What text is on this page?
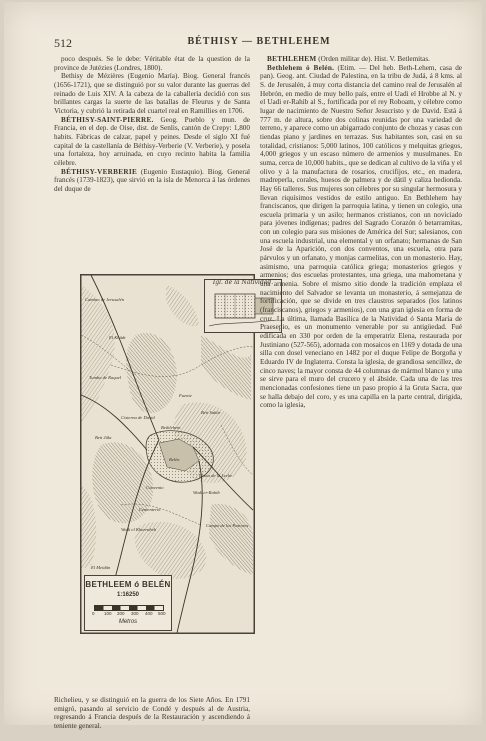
512	BÉTHISY — BETHLEHEM

poco después. Se le debe: Véritable état de la question de la province de Jutézies (Londres, 1800).

Bethisy de Mézières (Eugenio María). Biog. General francés (1656-1721), que se distinguió por su valor durante las guerras del reinado de Luis XIV. A la cabeza de la caballería decidió con sus brillantes cargas la suerte de las batallas de Fleurus y de Santa Victoria, y cubrió la retirada del cuartel real en Ramillies en 1706.

BÉTHISY-SAINT-PIERRE. Geog. Pueblo y mun. de Francia, en el dep. de Oise, dist. de Senlis, cantón de Crepy: 1,800 habits. Fábricas de calzar, papel y peines. Desde el siglo XI fué capital de la castellanía de Béthisy-Verberie (V. Verberie), y posela una fortaleza, hoy arruinada, en cuyo recinto habita la familia célebre.

BÉTHISY-VERBERIE (Eugenio Eustaquio). Biog. General francés (1739-1823), que sirvió en la isla de Menorca á las órdenes del duque de

Camino de Jerusalén
Tumba de Raquel
El Khâdr
Bethlehem
Beit Sahûr
Belén
El Meidân
Campo de los Pastores
Wadi er-Rahib
Beit Jâla
Cisterna de David
Gruta de la Leche
Convento
Fuente
Wadi el Kharrubeh
Cementerio
Igl. de la Natividad.
BETHLEEM ó BELÉN
1:16250
0 100 200 300 400 500
Metros

Richelieu, y se distinguió en la guerra de los Siete Años. En 1791 emigró, pasando al servicio de Condé y después al de Austria, regresando á Francia después de la Restauración y ascendiendo á teniente general.

BETHLEHEM (Orden militar de). Hist. V. Betlemitas.

Bethlehem ó Belén. (Etim. — Del heb. Beth-Lehem, casa de pan). Geog. ant. Ciudad de Palestina, en la tribu de Judá, á 8 kms. al S. de Jerusalén, á muy corta distancia del camino real de Jerusalén al Hebrón, en medio de muy bello país, entre el Uadi el Hrobbe al N. y el Uadi er-Rahib al S., fortificada por el rey Roboam, y célebre como lugar de nacimiento de Nuestro Señor Jesucristo y de David. Está á 777 m. de altura, sobre dos colinas reunidas por una variedad de terreno, y aparece como un abigarrado conjunto de chozas y casas con tiendas piano y jardines en terrazas. Sus habitantes son, casi en su totalidad, cristianos: 5,000 latinos, 100 católicos y melquitas griegos, 4,000 griegos y un escaso número de armenios y musulmanes. En suma, cerca de 10,000 habits., que se dedican al cultivo de la viña y el olivo y á la manufactura de rosarios, crucifijos, etc., en madera, madreperla, corales, huesos de palmera y de dátil y caliza hedionda. Hay 66 talleres. Sus mujeres son célebres por su singular hermosura y llevan riquísimos vestidos de estilo antiguo. En Bethlehem hay franciscanos, que dirigen la parroquia latina, y tienen un colegio, una escuela primaria y un asilo; hermanos cristianos, con un noviciado para jóvenes indígenas; padres del Sagrado Corazón ó betarramitas, con un colegio para sus misiones de América del Sur; salesianos, con una escuela industrial, una elemental y un orfanato; hermanas de San José de la Aparición, con dos conventos, una escuela, otra para párvulos y un orfanato, y monjas carmelitas, con un monasterio. Hay, asimismo, una parroquia católica griega; monasterios griegos y armenios; dos escuelas protestantes, una griega, una mahometana y una armenia. Sobre el mismo sitio donde la tradición emplaza el nacimiento del Salvador se levanta un monasterio, á semejanza de fortificación, que se divide en tres claustros separados (los latinos (franciscanos), griegos y armenios), con una gran iglesia en forma de cruz. La última, llamada Basílica de la Natividad ó Santa María de Praesepio, es un monumento venerable por su antigüedad. Fué edificada en 330 por orden de la emperatriz Elena, restaurada por Justiniano (527-565), adornada con mosaicos en 1169 y dotada de una silla con dosel veneciano en 1482 por el duque Felipe de Borgoña y Eduardo IV de Inglaterra. Consta la iglesia, de grandiosa sencillez, de cinco naves; la mayor consta de 44 columnas de mármol blanco y una se sirve para el muro del crucero y el ábside. Cada una de las tres mencionadas confesiones tiene un paso propio á la Gruta Sacra, que se halla debajo del coro, y es una capilla en la parte central, dirigida, como la iglesia,
